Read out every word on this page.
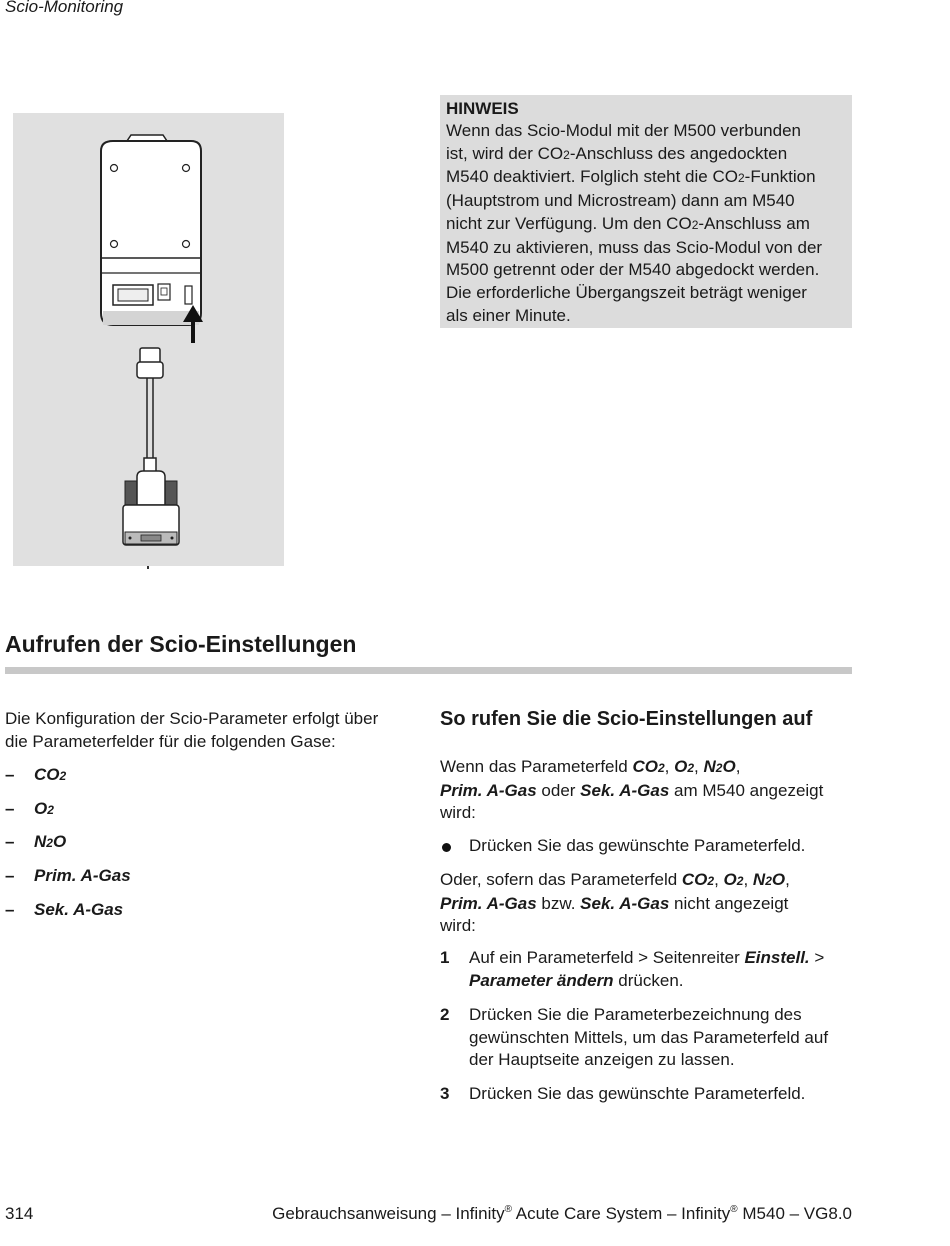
Scio-Monitoring
HINWEIS
Wenn das Scio-Modul mit der M500 verbunden
ist, wird der CO2-Anschluss des angedockten
M540 deaktiviert. Folglich steht die CO2-Funktion
(Hauptstrom und Microstream) dann am M540
nicht zur Verfügung. Um den CO2-Anschluss am
M540 zu aktivieren, muss das Scio-Modul von der
M500 getrennt oder der M540 abgedockt werden.
Die erforderliche Übergangszeit beträgt weniger
als einer Minute.
Aufrufen der Scio-Einstellungen
Die Konfiguration der Scio-Parameter erfolgt über
die Parameterfelder für die folgenden Gase:
– CO2
– O2
– N2O
– Prim. A-Gas
– Sek. A-Gas
So rufen Sie die Scio-Einstellungen auf
Wenn das Parameterfeld CO2, O2, N2O,
Prim. A-Gas oder Sek. A-Gas am M540 angezeigt
wird:
Drücken Sie das gewünschte Parameterfeld.
Oder, sofern das Parameterfeld CO2, O2, N2O,
Prim. A-Gas bzw. Sek. A-Gas nicht angezeigt
wird:
1 Auf ein Parameterfeld > Seitenreiter Einstell. >
Parameter ändern drücken.
2 Drücken Sie die Parameterbezeichnung des
gewünschten Mittels, um das Parameterfeld auf
der Hauptseite anzeigen zu lassen.
3 Drücken Sie das gewünschte Parameterfeld.
314	Gebrauchsanweisung – Infinity® Acute Care System – Infinity® M540 – VG8.0
